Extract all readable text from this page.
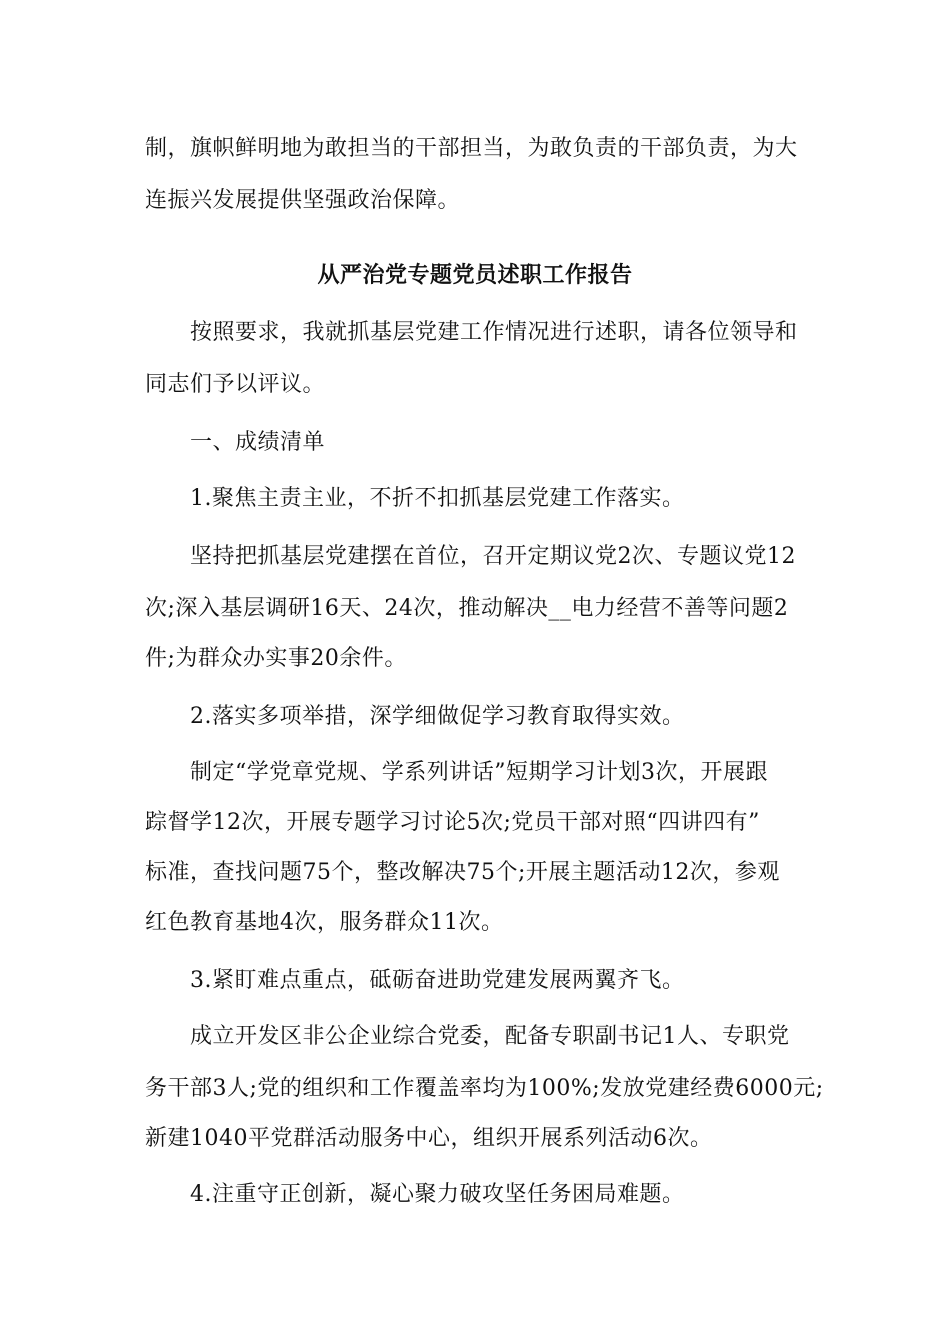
制，旗帜鲜明地为敢担当的干部担当，为敢负责的干部负责，为大
连振兴发展提供坚强政治保障。
从严治党专题党员述职工作报告
按照要求，我就抓基层党建工作情况进行述职，请各位领导和
同志们予以评议。
一、成绩清单
1.聚焦主责主业，不折不扣抓基层党建工作落实。
坚持把抓基层党建摆在首位，召开定期议党2次、专题议党12
次;深入基层调研16天、24次，推动解决__电力经营不善等问题2
件;为群众办实事20余件。
2.落实多项举措，深学细做促学习教育取得实效。
制定“学党章党规、学系列讲话”短期学习计划3次，开展跟
踪督学12次，开展专题学习讨论5次;党员干部对照“四讲四有”
标准，查找问题75个，整改解决75个;开展主题活动12次，参观
红色教育基地4次，服务群众11次。
3.紧盯难点重点，砥砺奋进助党建发展两翼齐飞。
成立开发区非公企业综合党委，配备专职副书记1人、专职党
务干部3人;党的组织和工作覆盖率均为100%;发放党建经费6000元;
新建1040平党群活动服务中心，组织开展系列活动6次。
4.注重守正创新，凝心聚力破攻坚任务困局难题。
